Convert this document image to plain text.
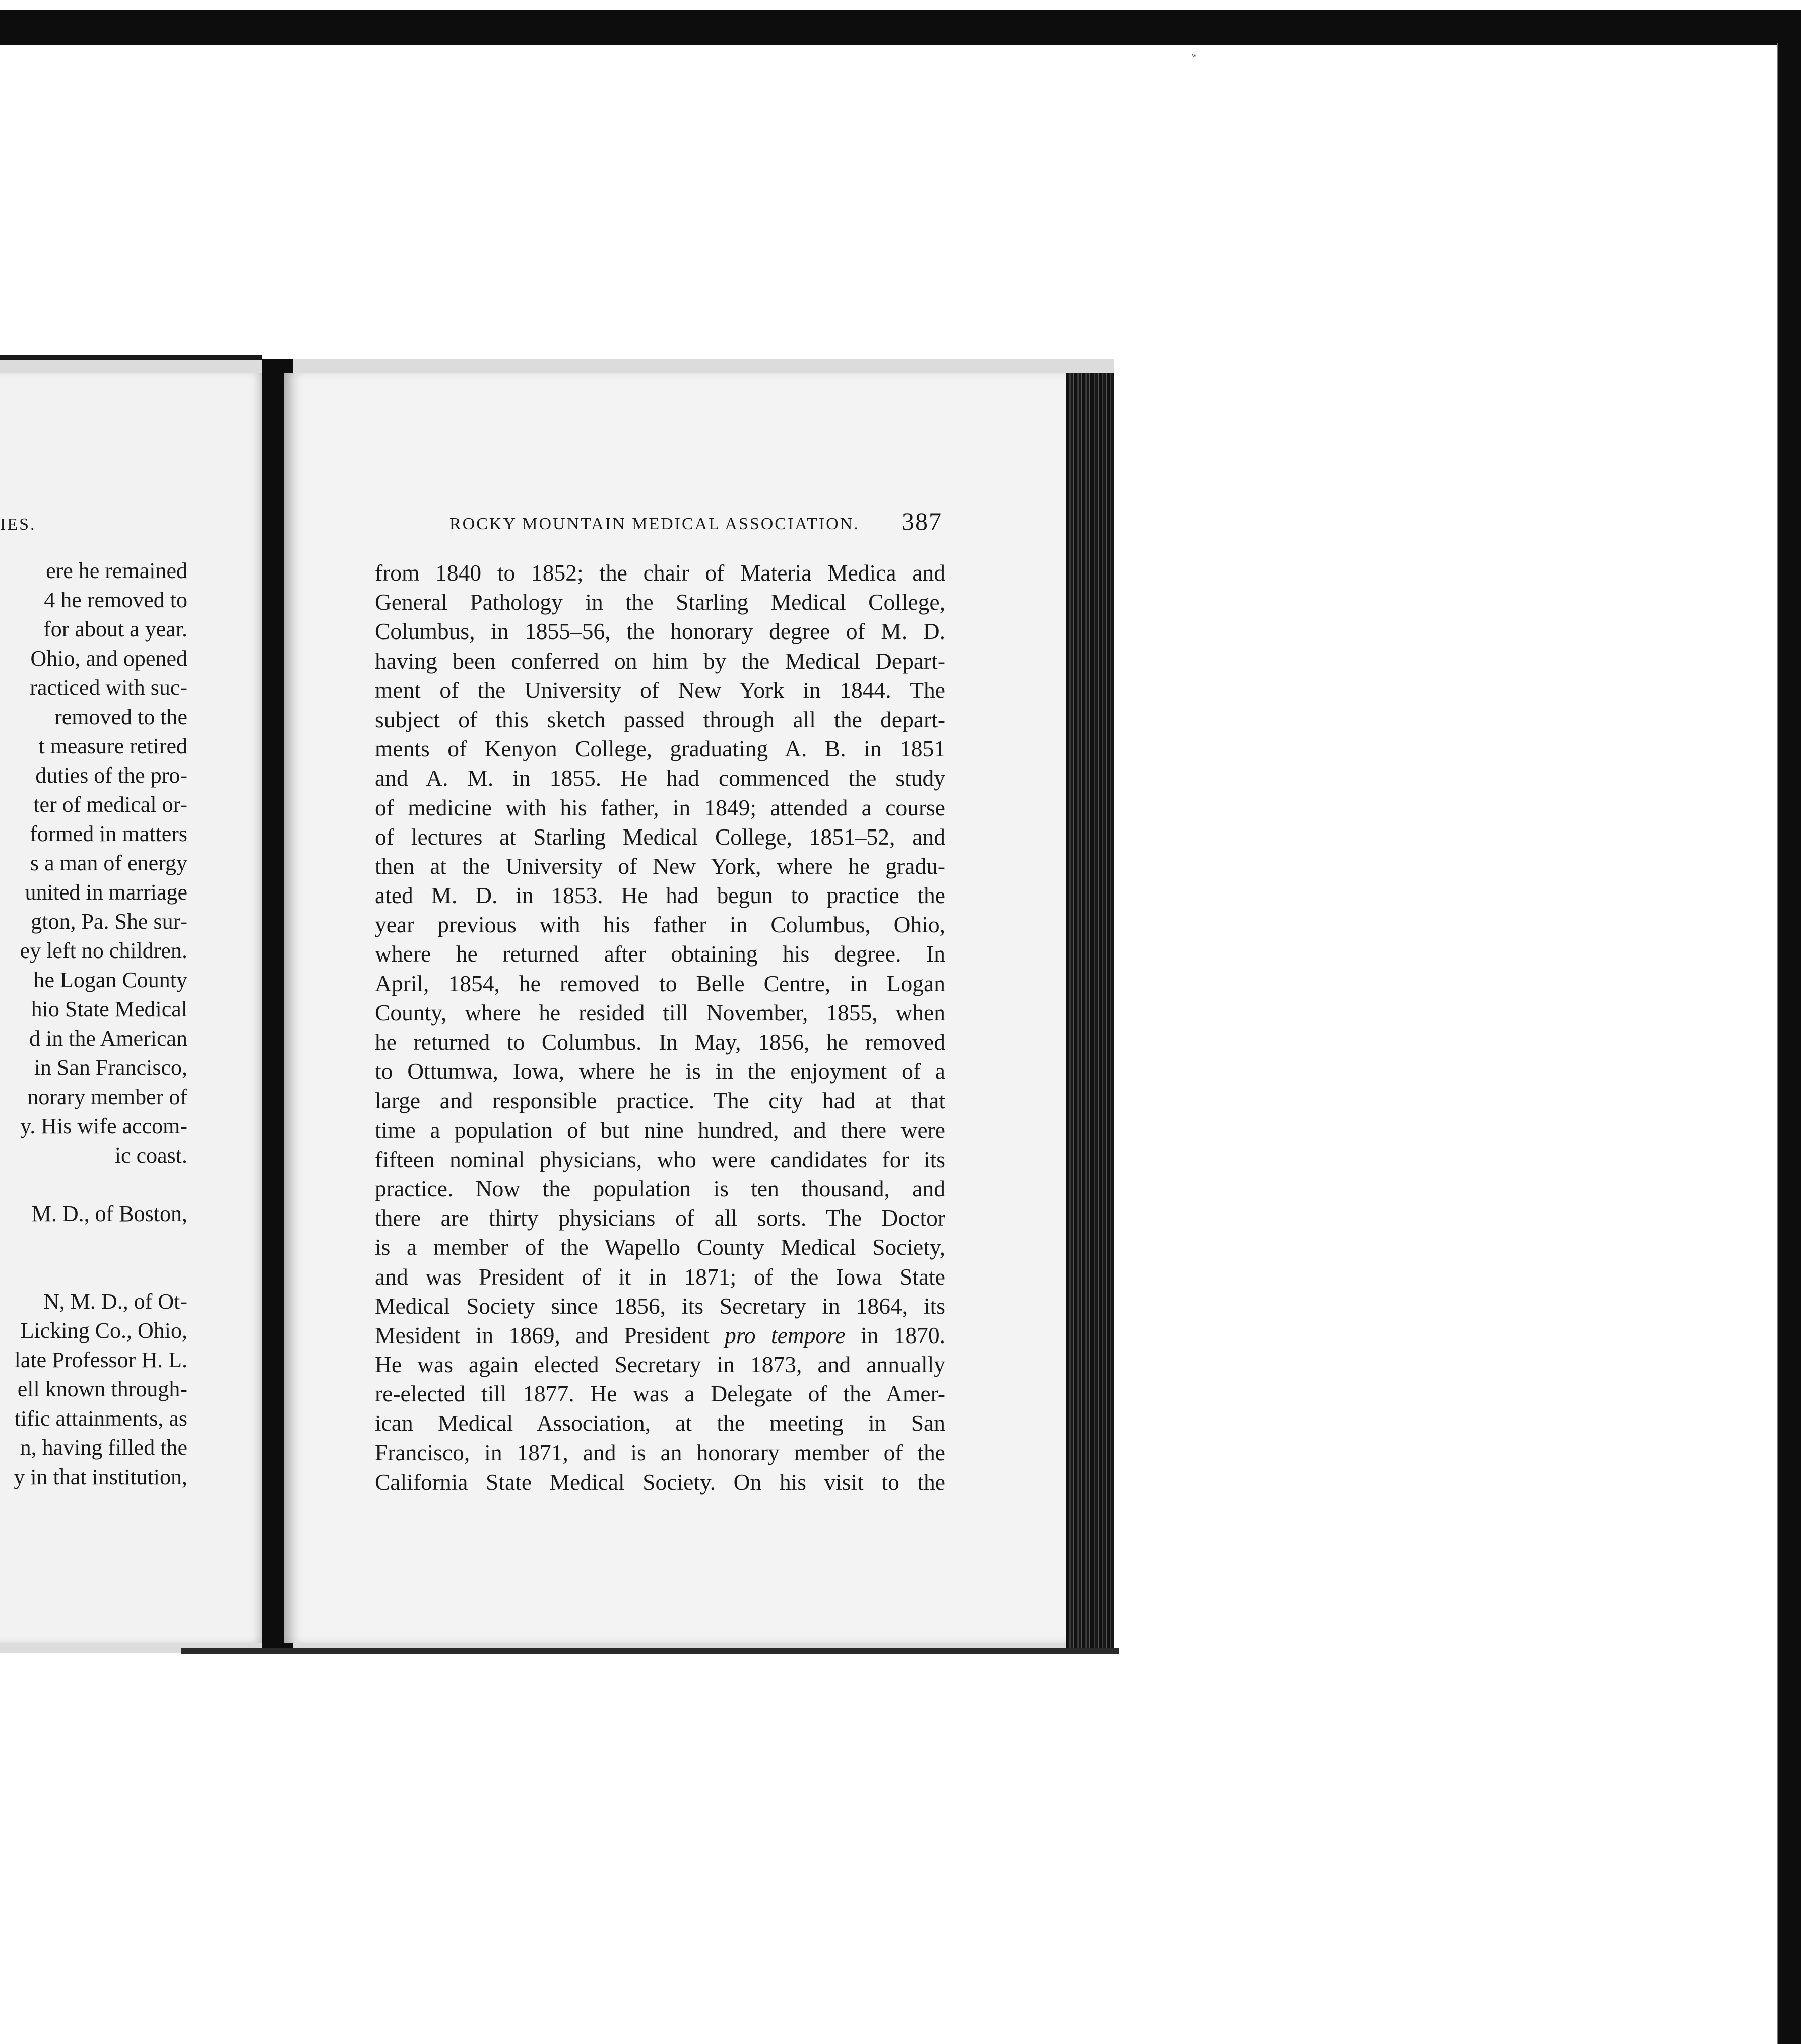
ʷ
IES.
ere he remained
4 he removed to
for about a year.
Ohio, and opened
racticed with suc-
removed to the
t measure retired
duties of the pro-
ter of medical or-
formed in matters
s a man of energy
united in marriage
gton, Pa. She sur-
ey left no children.
he Logan County
hio State Medical
d in the American
in San Francisco,
norary member of
y. His wife accom-
ic coast.
M. D., of Boston,
N, M. D., of Ot-
Licking Co., Ohio,
late Professor H. L.
ell known through-
tific attainments, as
n, having filled the
y in that institution,
ROCKY MOUNTAIN MEDICAL ASSOCIATION. 387
from 1840 to 1852; the chair of Materia Medica and
General Pathology in the Starling Medical College,
Columbus, in 1855–56, the honorary degree of M. D.
having been conferred on him by the Medical Depart-
ment of the University of New York in 1844. The
subject of this sketch passed through all the depart-
ments of Kenyon College, graduating A. B. in 1851
and A. M. in 1855. He had commenced the study
of medicine with his father, in 1849; attended a course
of lectures at Starling Medical College, 1851–52, and
then at the University of New York, where he gradu-
ated M. D. in 1853. He had begun to practice the
year previous with his father in Columbus, Ohio,
where he returned after obtaining his degree. In
April, 1854, he removed to Belle Centre, in Logan
County, where he resided till November, 1855, when
he returned to Columbus. In May, 1856, he removed
to Ottumwa, Iowa, where he is in the enjoyment of a
large and responsible practice. The city had at that
time a population of but nine hundred, and there were
fifteen nominal physicians, who were candidates for its
practice. Now the population is ten thousand, and
there are thirty physicians of all sorts. The Doctor
is a member of the Wapello County Medical Society,
and was President of it in 1871; of the Iowa State
Medical Society since 1856, its Secretary in 1864, its
Mesident in 1869, and President pro tempore in 1870.
He was again elected Secretary in 1873, and annually
re-elected till 1877. He was a Delegate of the Amer-
ican Medical Association, at the meeting in San
Francisco, in 1871, and is an honorary member of the
California State Medical Society. On his visit to the
